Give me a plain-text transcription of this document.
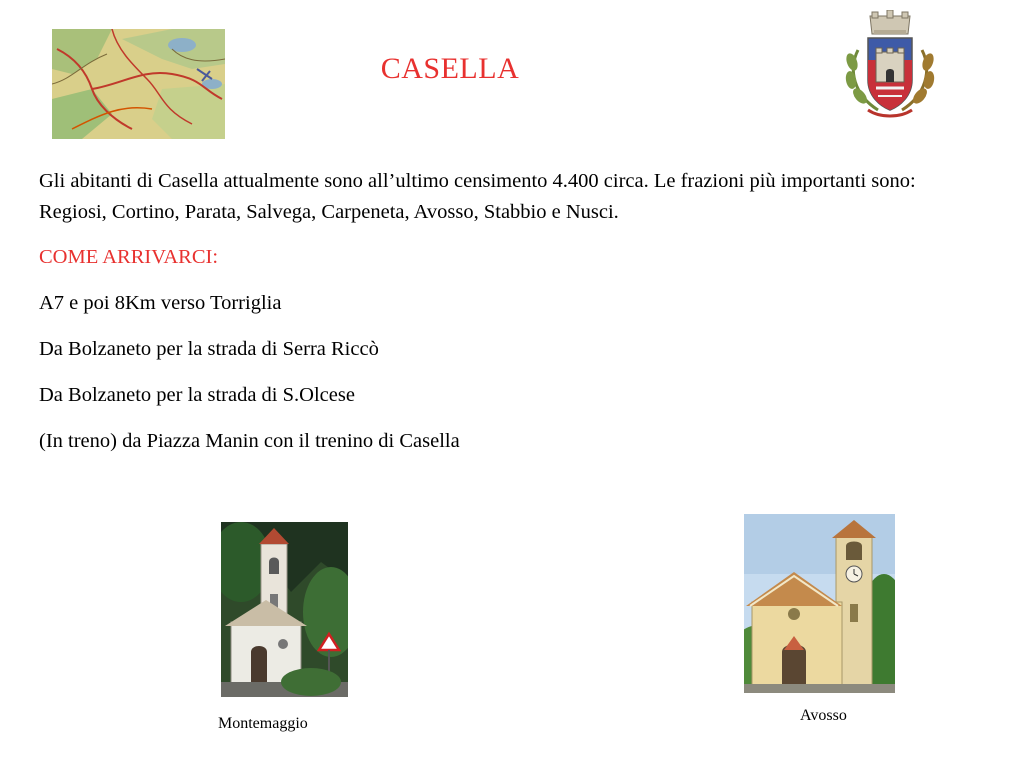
CASELLA

Gli abitanti di Casella attualmente sono all’ultimo censimento 4.400 circa. Le frazioni più importanti sono: Regiosi, Cortino, Parata, Salvega, Carpeneta, Avosso, Stabbio e Nusci.

COME ARRIVARCI:

A7 e poi 8Km verso Torriglia

Da Bolzaneto per la strada di Serra Riccò

Da Bolzaneto per la strada di S.Olcese

(In treno) da Piazza Manin con il trenino di Casella

Montemaggio	Avosso
